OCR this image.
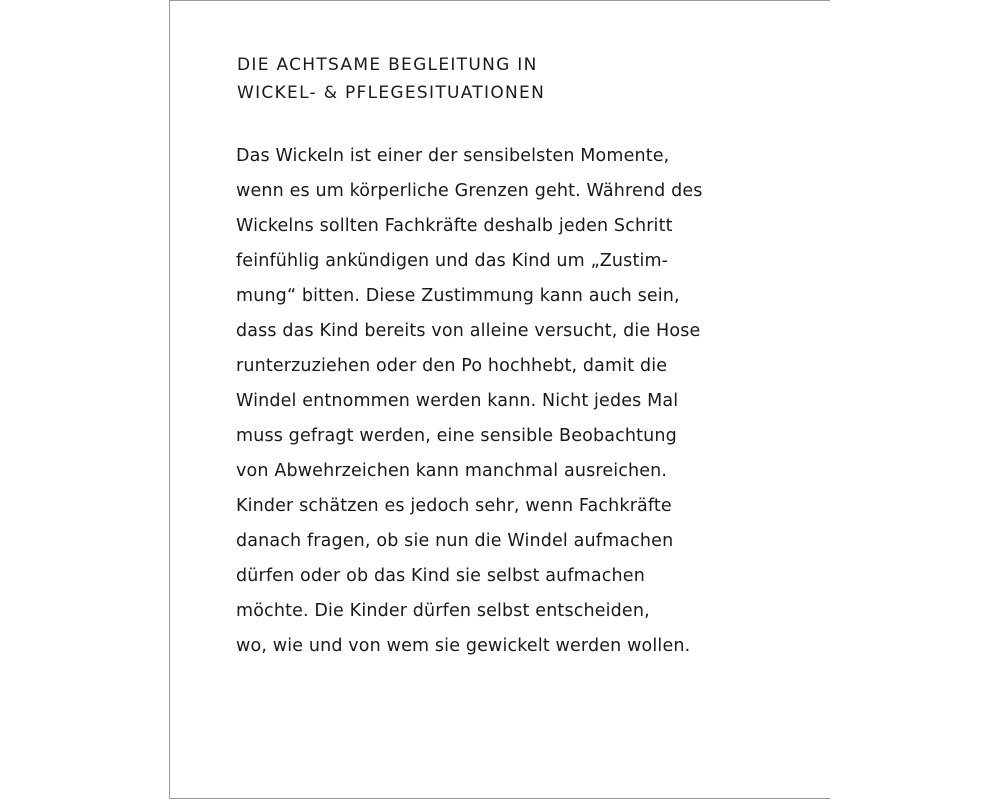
DIE ACHTSAME BEGLEITUNG IN
WICKEL- & PFLEGESITUATIONEN

Das Wickeln ist einer der sensibelsten Momente,
wenn es um körperliche Grenzen geht. Während des
Wickelns sollten Fachkräfte deshalb jeden Schritt
feinfühlig ankündigen und das Kind um „Zustim-
mung“ bitten. Diese Zustimmung kann auch sein,
dass das Kind bereits von alleine versucht, die Hose
runterzuziehen oder den Po hochhebt, damit die
Windel entnommen werden kann. Nicht jedes Mal
muss gefragt werden, eine sensible Beobachtung
von Abwehrzeichen kann manchmal ausreichen.
Kinder schätzen es jedoch sehr, wenn Fachkräfte
danach fragen, ob sie nun die Windel aufmachen
dürfen oder ob das Kind sie selbst aufmachen
möchte. Die Kinder dürfen selbst entscheiden,
wo, wie und von wem sie gewickelt werden wollen.
